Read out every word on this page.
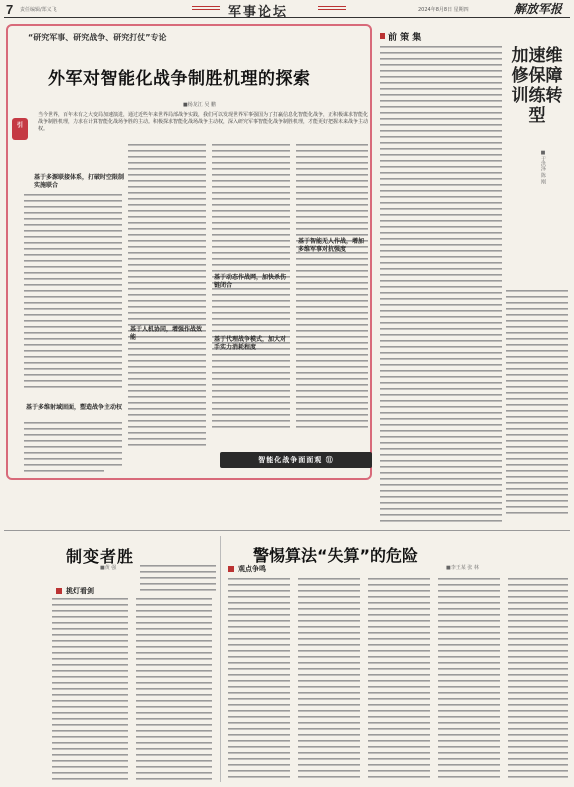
7 责任编辑/郑义飞	军事论坛	2024年8月8日 星期四	解放军报
“研究军事、研究战争、研究打仗”专论
外军对智能化战争制胜机理的探索
■杨龙江 吴 鹏
引
当今世界，百年未有之大变局加速演进，通过近些年来世界局部战争实践，我们可以发现世界军事强国为了打赢信息化智能化战争，正积极谋求智能化战争制胜机理，力求在计算智能化战场争胜的主动。积极探求智能化战场战争主动权，深入研究军事智能化战争制胜机理，才能更好把握未来战争主动权。
基于多源联接体系，打破时空限制实施联合
基于多维射域固面，塑造战争主动权
基于人机协同，增强作战效能
基于动态作战网，加快杀伤链闭合
基于智能无人作战，增加多维军事对抗强度
基于代理战争模式，加大对手实力消耗程度
智能化战争面面观 ⑪
前 策 集
加速维修保障训练转型
■于洪泽 陈 刚
制变者胜
■黄 强
挑灯看剑
警惕算法“失算”的危险
■李王某 张 林
观点争鸣
